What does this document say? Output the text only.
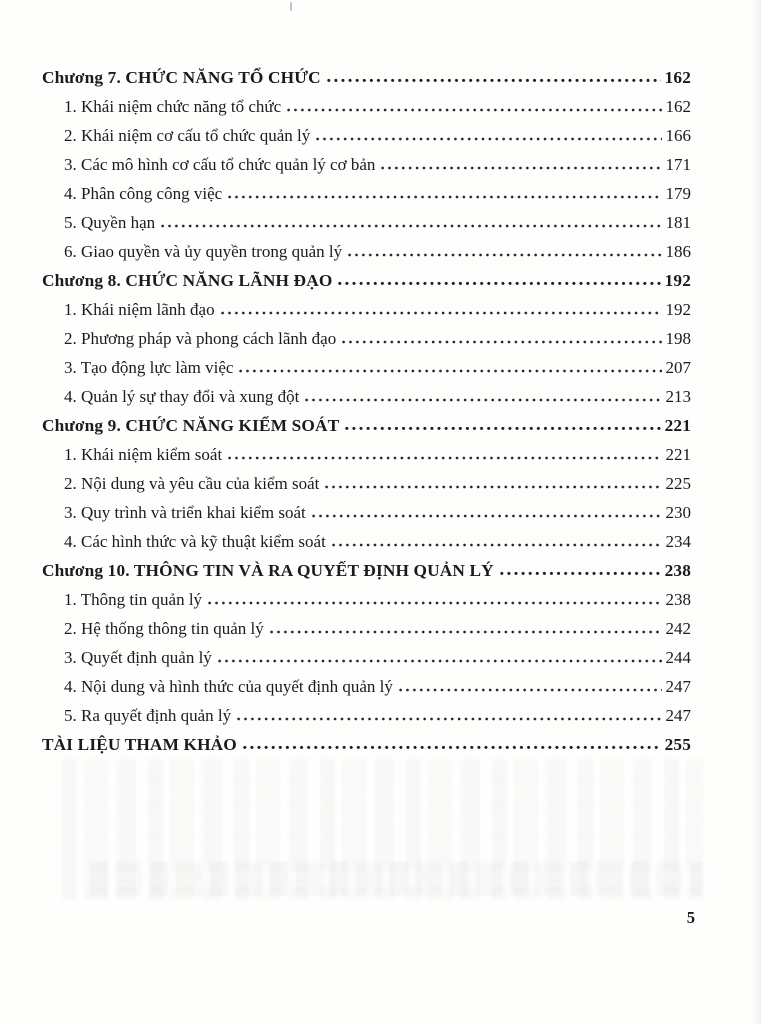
Chương 7. CHỨC NĂNG TỔ CHỨC	162
1. Khái niệm chức năng tổ chức	162
2. Khái niệm cơ cấu tổ chức quản lý	166
3. Các mô hình cơ cấu tổ chức quản lý cơ bản	171
4. Phân công công việc	179
5. Quyền hạn	181
6. Giao quyền và ủy quyền trong quản lý	186
Chương 8. CHỨC NĂNG LÃNH ĐẠO	192
1. Khái niệm lãnh đạo	192
2. Phương pháp và phong cách lãnh đạo	198
3. Tạo động lực làm việc	207
4. Quản lý sự thay đổi và xung đột	213
Chương 9. CHỨC NĂNG KIỂM SOÁT	221
1. Khái niệm kiểm soát	221
2. Nội dung và yêu cầu của kiểm soát	225
3. Quy trình và triển khai kiểm soát	230
4. Các hình thức và kỹ thuật kiểm soát	234
Chương 10. THÔNG TIN VÀ RA QUYẾT ĐỊNH QUẢN LÝ	238
1. Thông tin quản lý	238
2. Hệ thống thông tin quản lý	242
3. Quyết định quản lý	244
4. Nội dung và hình thức của quyết định quản lý	247
5. Ra quyết định quản lý	247
TÀI LIỆU THAM KHẢO	255
5
